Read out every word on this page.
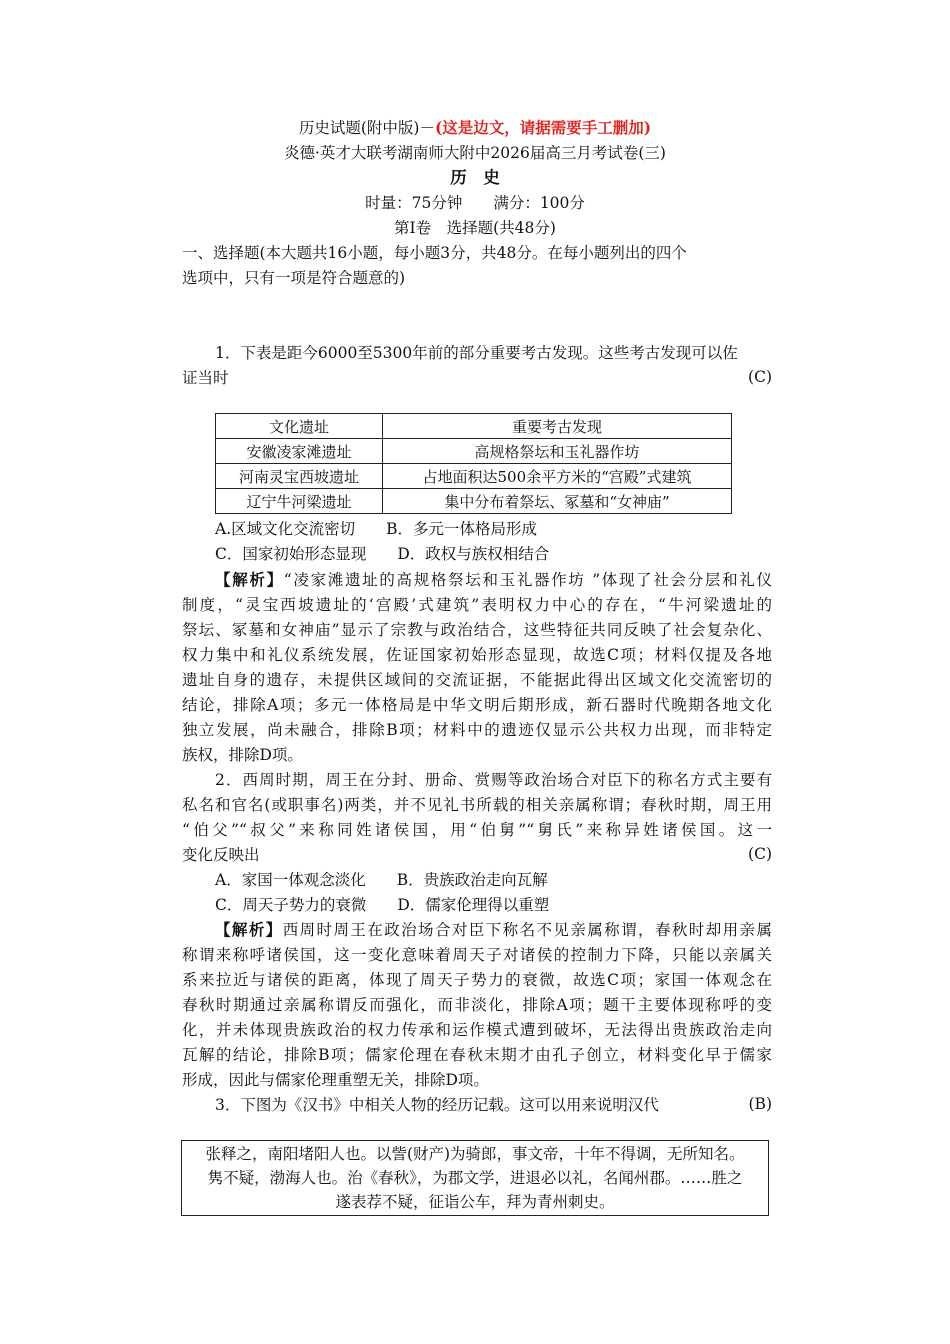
历史试题(附中版)－(这是边文，请据需要手工删加)
炎德·英才大联考湖南师大附中2026届高三月考试卷(三)
历　史
时量：75分钟　　满分：100分
第Ⅰ卷　选择题(共48分)
一、选择题(本大题共16小题，每小题3分，共48分。在每小题列出的四个
选项中，只有一项是符合题意的)
1．下表是距今6000至5300年前的部分重要考古发现。这些考古发现可以佐
证当时	(C)
文化遗址	重要考古发现
安徽凌家滩遗址	高规格祭坛和玉礼器作坊
河南灵宝西坡遗址	占地面积达500余平方米的“宫殿”式建筑
辽宁牛河梁遗址	集中分布着祭坛、冢墓和“女神庙”
A.区域文化交流密切　　B．多元一体格局形成
C．国家初始形态显现　　D．政权与族权相结合
【解析】“凌家滩遗址的高规格祭坛和玉礼器作坊 ”体现了社会分层和礼仪
制度，“灵宝西坡遗址的‘宫殿’式建筑”表明权力中心的存在，“牛河梁遗址的
祭坛、冢墓和女神庙”显示了宗教与政治结合，这些特征共同反映了社会复杂化、
权力集中和礼仪系统发展，佐证国家初始形态显现，故选C项；材料仅提及各地
遗址自身的遗存，未提供区域间的交流证据，不能据此得出区域文化交流密切的
结论，排除A项；多元一体格局是中华文明后期形成，新石器时代晚期各地文化
独立发展，尚未融合，排除B项；材料中的遗迹仅显示公共权力出现，而非特定
族权，排除D项。
2．西周时期，周王在分封、册命、赏赐等政治场合对臣下的称名方式主要有
私名和官名(或职事名)两类，并不见礼书所载的相关亲属称谓；春秋时期，周王用
“伯父”“叔父”来称同姓诸侯国，用“伯舅”“舅氏”来称异姓诸侯国。这一
变化反映出	(C)
A．家国一体观念淡化　　B．贵族政治走向瓦解
C．周天子势力的衰微　　D．儒家伦理得以重塑
【解析】西周时周王在政治场合对臣下称名不见亲属称谓，春秋时却用亲属
称谓来称呼诸侯国，这一变化意味着周天子对诸侯的控制力下降，只能以亲属关
系来拉近与诸侯的距离，体现了周天子势力的衰微，故选C项；家国一体观念在
春秋时期通过亲属称谓反而强化，而非淡化，排除A项；题干主要体现称呼的变
化，并未体现贵族政治的权力传承和运作模式遭到破坏，无法得出贵族政治走向
瓦解的结论，排除B项；儒家伦理在春秋末期才由孔子创立，材料变化早于儒家
形成，因此与儒家伦理重塑无关，排除D项。
3．下图为《汉书》中相关人物的经历记载。这可以用来说明汉代	(B)
张释之，南阳堵阳人也。以訾(财产)为骑郎，事文帝，十年不得调，无所知名。
隽不疑，渤海人也。治《春秋》，为郡文学，进退必以礼，名闻州郡。……胜之
遂表荐不疑，征诣公车，拜为青州刺史。
